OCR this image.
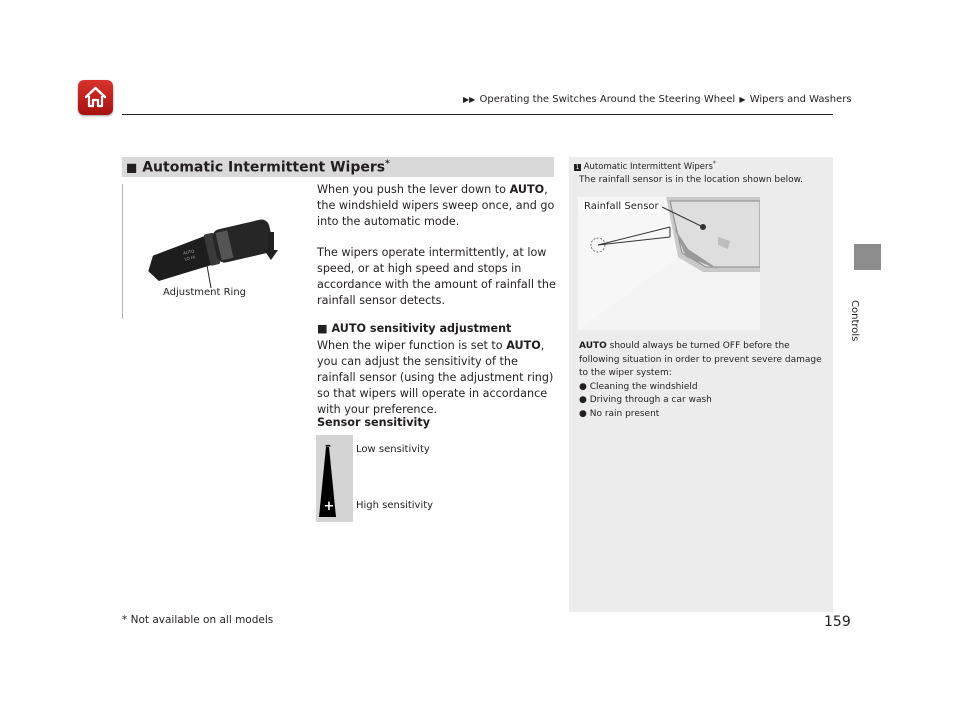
▶▶ Operating the Switches Around the Steering Wheel ▶ Wipers and Washers
Controls
■ Automatic Intermittent Wipers*
AUTO
LO HI
Adjustment Ring
When you push the lever down to AUTO, the windshield wipers sweep once, and go into the automatic mode.
The wipers operate intermittently, at low speed, or at high speed and stops in accordance with the amount of rainfall the rainfall sensor detects.
■ AUTO sensitivity adjustment
When the wiper function is set to AUTO, you can adjust the sensitivity of the rainfall sensor (using the adjustment ring) so that wipers will operate in accordance with your preference.
Sensor sensitivity
+
–	Low sensitivity
High sensitivity
1 Automatic Intermittent Wipers*
The rainfall sensor is in the location shown below.
Rainfall Sensor
AUTO should always be turned OFF before the following situation in order to prevent severe damage to the wiper system:
● Cleaning the windshield
● Driving through a car wash
● No rain present
* Not available on all models	159
